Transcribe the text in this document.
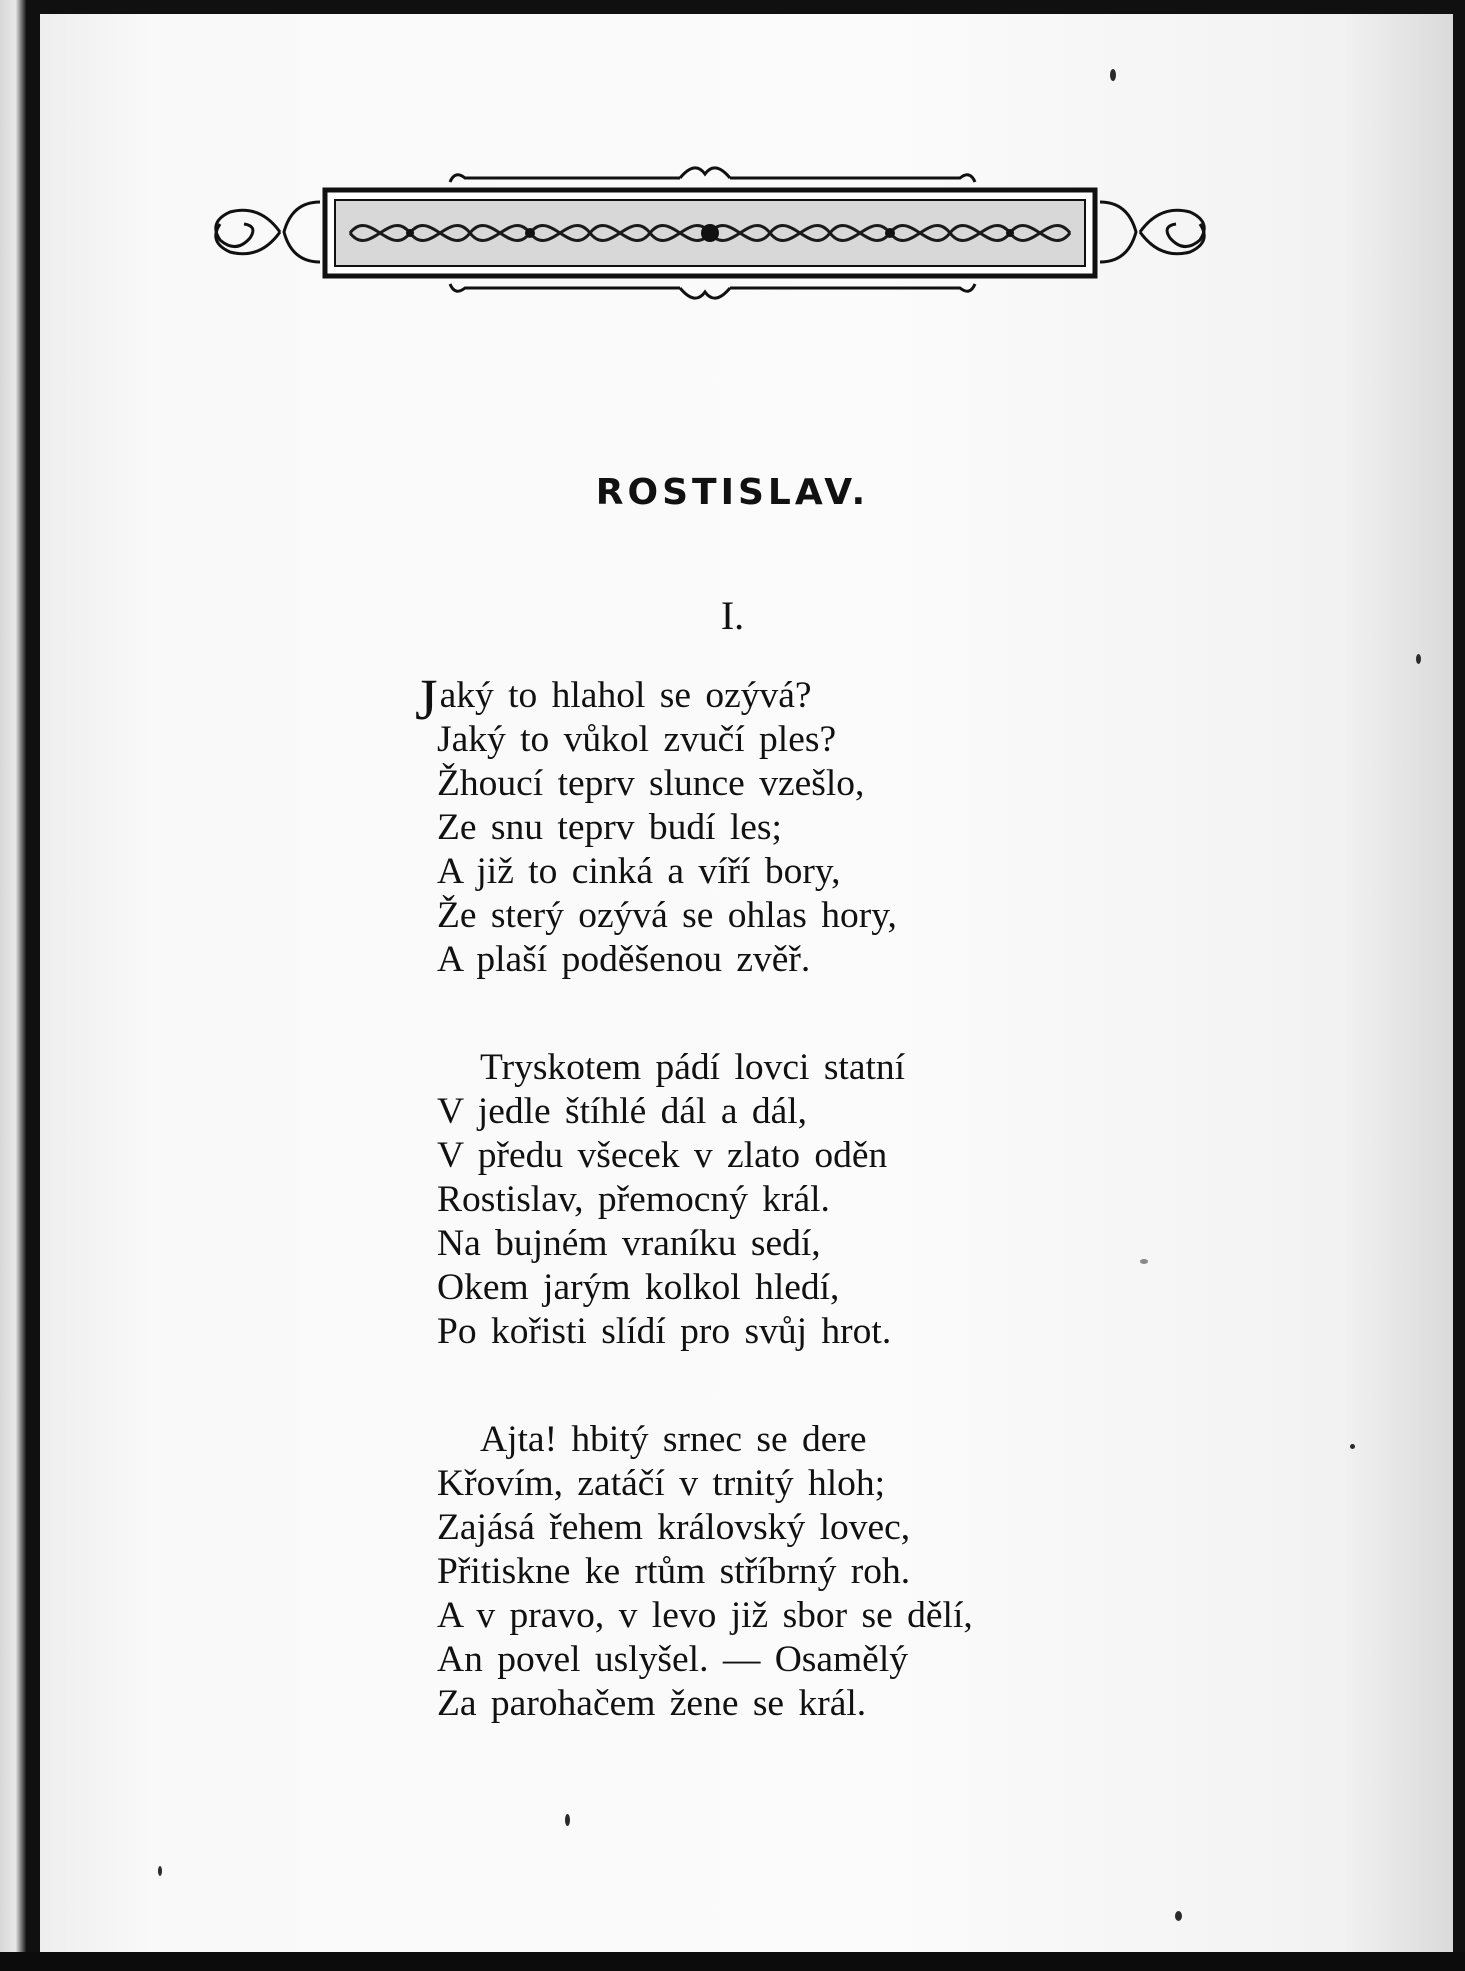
ROSTISLAV.
I.
Jaký to hlahol se ozývá?
Jaký to vůkol zvučí ples?
Žhoucí teprv slunce vzešlo,
Ze snu teprv budí les;
A již to cinká a víří bory,
Že sterý ozývá se ohlas hory,
A plaší poděšenou zvěř.
Tryskotem pádí lovci statní
V jedle štíhlé dál a dál,
V předu všecek v zlato oděn
Rostislav, přemocný král.
Na bujném vraníku sedí,
Okem jarým kolkol hledí,
Po kořisti slídí pro svůj hrot.
Ajta! hbitý srnec se dere
Křovím, zatáčí v trnitý hloh;
Zajásá řehem královský lovec,
Přitiskne ke rtům stříbrný roh.
A v pravo, v levo již sbor se dělí,
An povel uslyšel. — Osamělý
Za parohačem žene se král.
